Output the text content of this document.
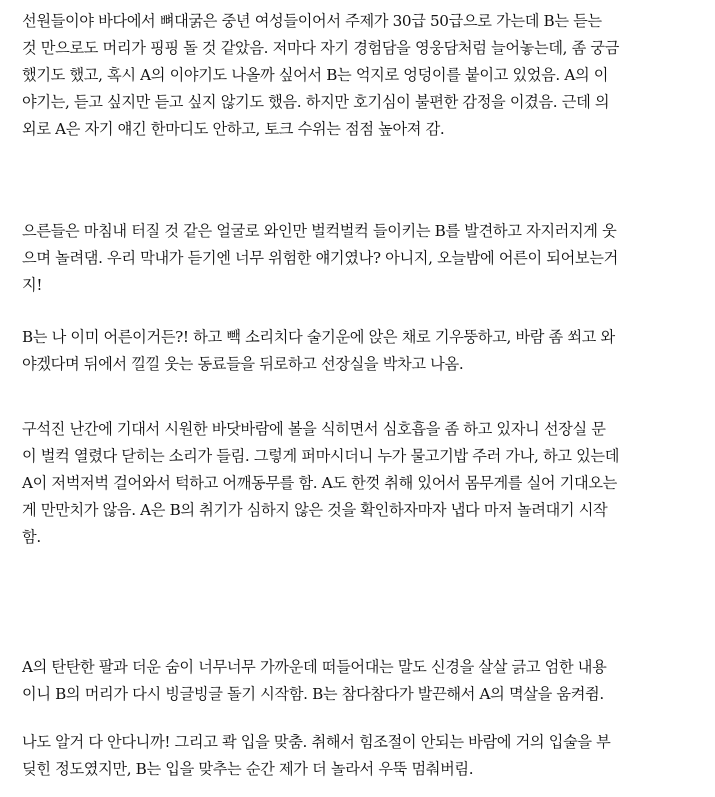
선원들이야 바다에서 뼈대굵은 중년 여성들이어서 주제가 30급 50급으로 가는데 B는 듣는
것 만으로도 머리가 핑핑 돌 것 같았음. 저마다 자기 경험담을 영웅담처럼 늘어놓는데, 좀 궁금
했기도 했고, 혹시 A의 이야기도 나올까 싶어서 B는 억지로 엉덩이를 붙이고 있었음. A의 이
야기는, 듣고 싶지만 듣고 싶지 않기도 했음. 하지만 호기심이 불편한 감정을 이겼음. 근데 의
외로 A은 자기 얘긴 한마디도 안하고, 토크 수위는 점점 높아져 감.

으른들은 마침내 터질 것 같은 얼굴로 와인만 벌컥벌컥 들이키는 B를 발견하고 자지러지게 웃
으며 놀려댐. 우리 막내가 듣기엔 너무 위험한 얘기였나? 아니지, 오늘밤에 어른이 되어보는거
지!

B는 나 이미 어른이거든?! 하고 빽 소리치다 술기운에 앉은 채로 기우뚱하고, 바람 좀 쐬고 와
야겠다며 뒤에서 낄낄 웃는 동료들을 뒤로하고 선장실을 박차고 나옴.

구석진 난간에 기대서 시원한 바닷바람에 볼을 식히면서 심호흡을 좀 하고 있자니 선장실 문
이 벌컥 열렸다 닫히는 소리가 들림. 그렇게 퍼마시더니 누가 물고기밥 주러 가나, 하고 있는데
A이 저벅저벅 걸어와서 턱하고 어깨동무를 함. A도 한껏 취해 있어서 몸무게를 실어 기대오는
게 만만치가 않음. A은 B의 취기가 심하지 않은 것을 확인하자마자 냅다 마저 놀려대기 시작
함.

A의 탄탄한 팔과 더운 숨이 너무너무 가까운데 떠들어대는 말도 신경을 살살 긁고 엄한 내용
이니 B의 머리가 다시 빙글빙글 돌기 시작함. B는 참다참다가 발끈해서 A의 멱살을 움켜쥠.

나도 알거 다 안다니까! 그리고 콱 입을 맞춤. 취해서 힘조절이 안되는 바람에 거의 입술을 부
딪힌 정도였지만, B는 입을 맞추는 순간 제가 더 놀라서 우뚝 멈춰버림.
